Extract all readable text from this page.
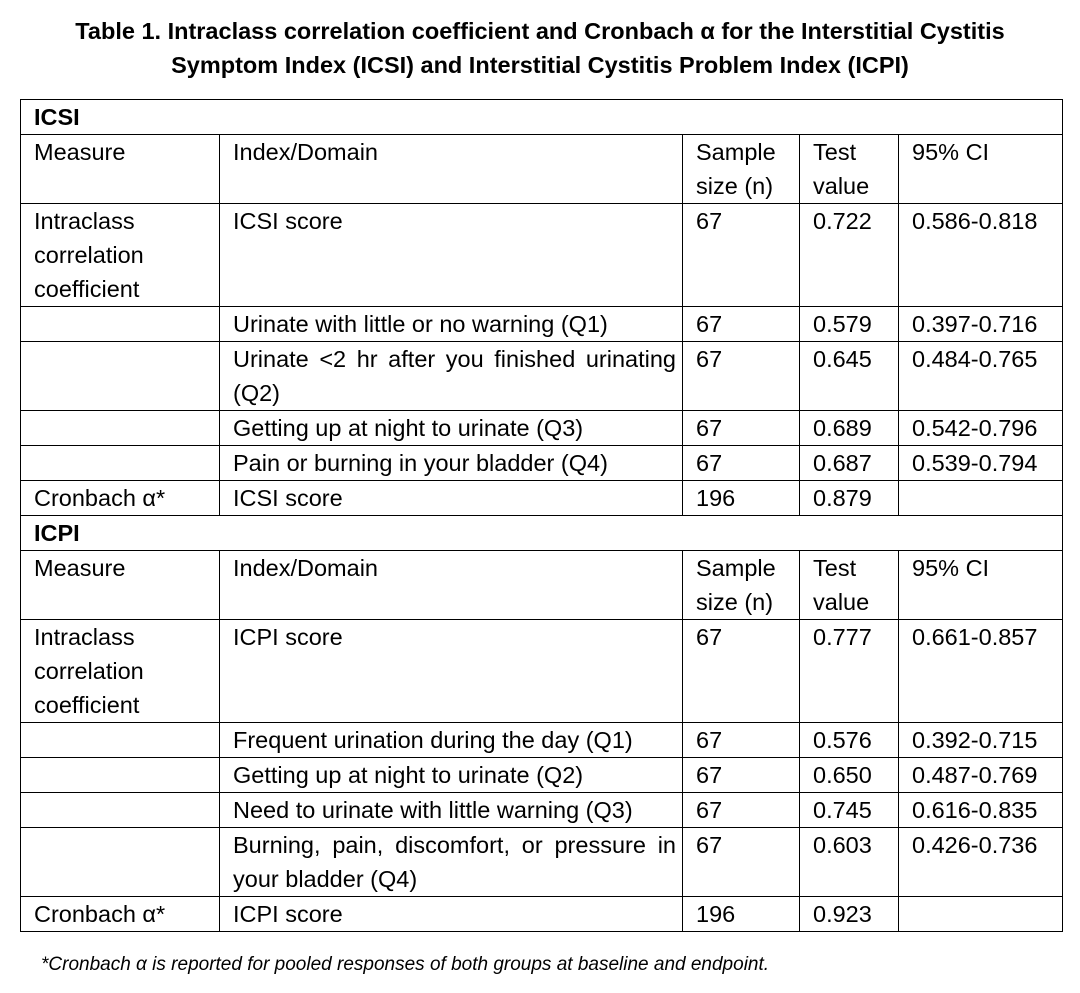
Table 1. Intraclass correlation coefficient and Cronbach α for the Interstitial Cystitis
Symptom Index (ICSI) and Interstitial Cystitis Problem Index (ICPI)
ICSI				
Measure	Index/Domain	Sample size (n)	Test value	95% CI
Intraclass correlation coefficient	ICSI score	67	0.722	0.586-0.818
	Urinate with little or no warning (Q1)	67	0.579	0.397-0.716
	Urinate <2 hr after you finished urinating (Q2)	67	0.645	0.484-0.765
	Getting up at night to urinate (Q3)	67	0.689	0.542-0.796
	Pain or burning in your bladder (Q4)	67	0.687	0.539-0.794
Cronbach α*	ICSI score	196	0.879	
ICPI				
Measure	Index/Domain	Sample size (n)	Test value	95% CI
Intraclass correlation coefficient	ICPI score	67	0.777	0.661-0.857
	Frequent urination during the day (Q1)	67	0.576	0.392-0.715
	Getting up at night to urinate (Q2)	67	0.650	0.487-0.769
	Need to urinate with little warning (Q3)	67	0.745	0.616-0.835
	Burning, pain, discomfort, or pressure in your bladder (Q4)	67	0.603	0.426-0.736
Cronbach α*	ICPI score	196	0.923	
*Cronbach α is reported for pooled responses of both groups at baseline and endpoint.
